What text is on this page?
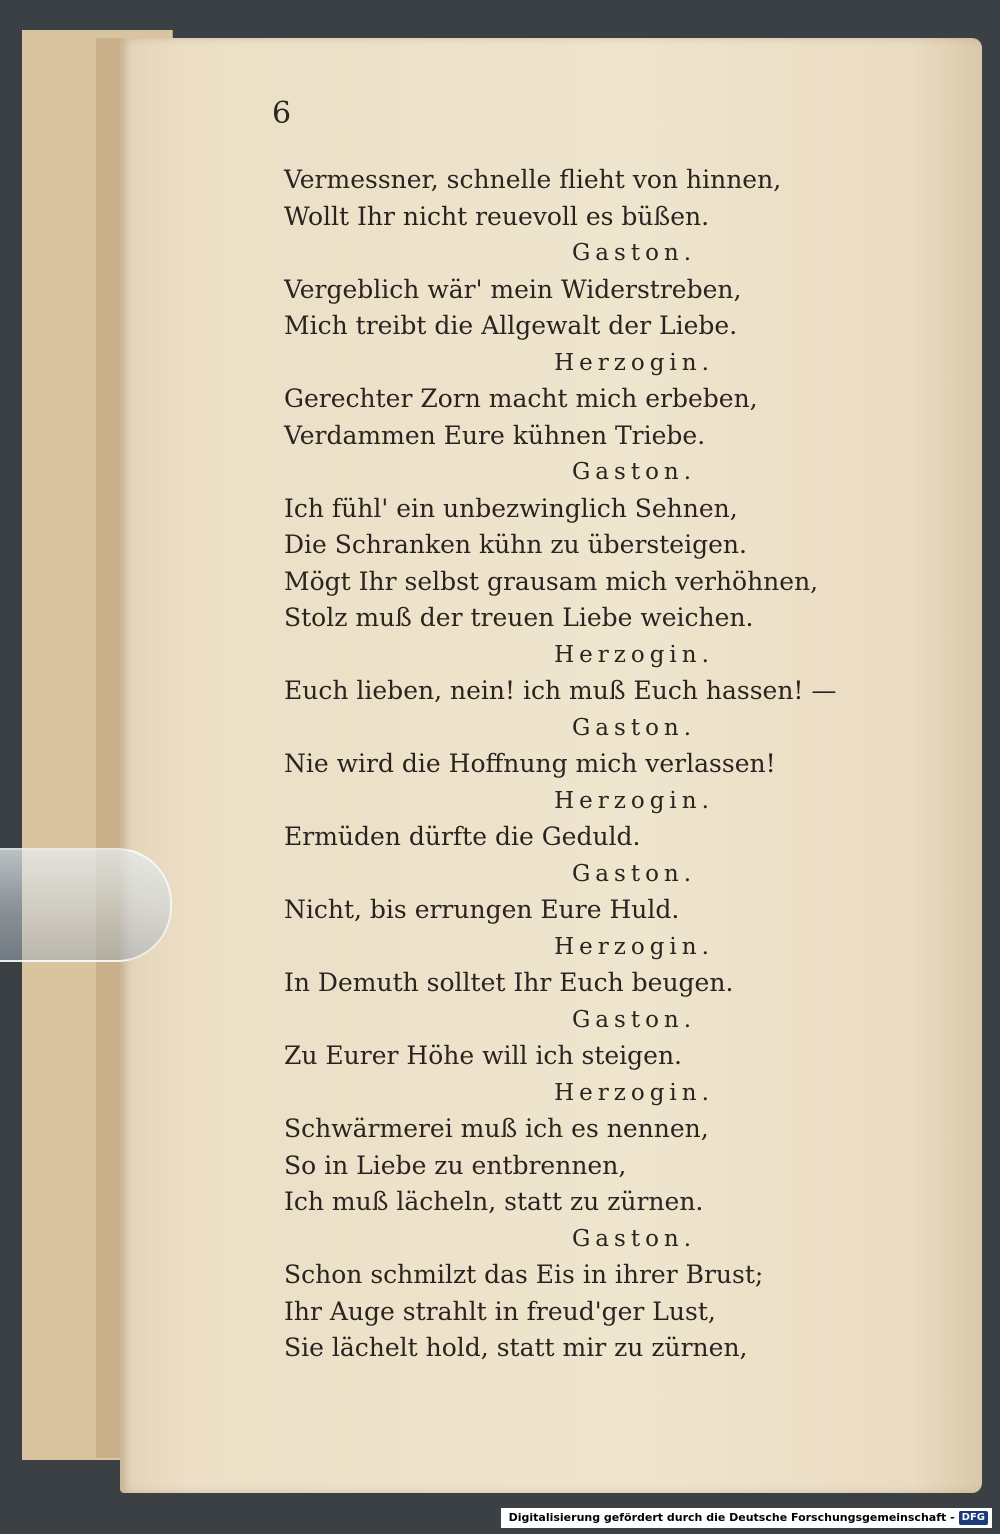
6
Vermessner, schnelle flieht von hinnen,
Wollt Ihr nicht reuevoll es büßen.
Gaston.
Vergeblich wär' mein Widerstreben,
Mich treibt die Allgewalt der Liebe.
Herzogin.
Gerechter Zorn macht mich erbeben,
Verdammen Eure kühnen Triebe.
Gaston.
Ich fühl' ein unbezwinglich Sehnen,
Die Schranken kühn zu übersteigen.
Mögt Ihr selbst grausam mich verhöhnen,
Stolz muß der treuen Liebe weichen.
Herzogin.
Euch lieben, nein! ich muß Euch hassen! —
Gaston.
Nie wird die Hoffnung mich verlassen!
Herzogin.
Ermüden dürfte die Geduld.
Gaston.
Nicht, bis errungen Eure Huld.
Herzogin.
In Demuth solltet Ihr Euch beugen.
Gaston.
Zu Eurer Höhe will ich steigen.
Herzogin.
Schwärmerei muß ich es nennen,
So in Liebe zu entbrennen,
Ich muß lächeln, statt zu zürnen.
Gaston.
Schon schmilzt das Eis in ihrer Brust;
Ihr Auge strahlt in freud'ger Lust,
Sie lächelt hold, statt mir zu zürnen,
Digitalisierung gefördert durch die Deutsche Forschungsgemeinschaft - DFG
